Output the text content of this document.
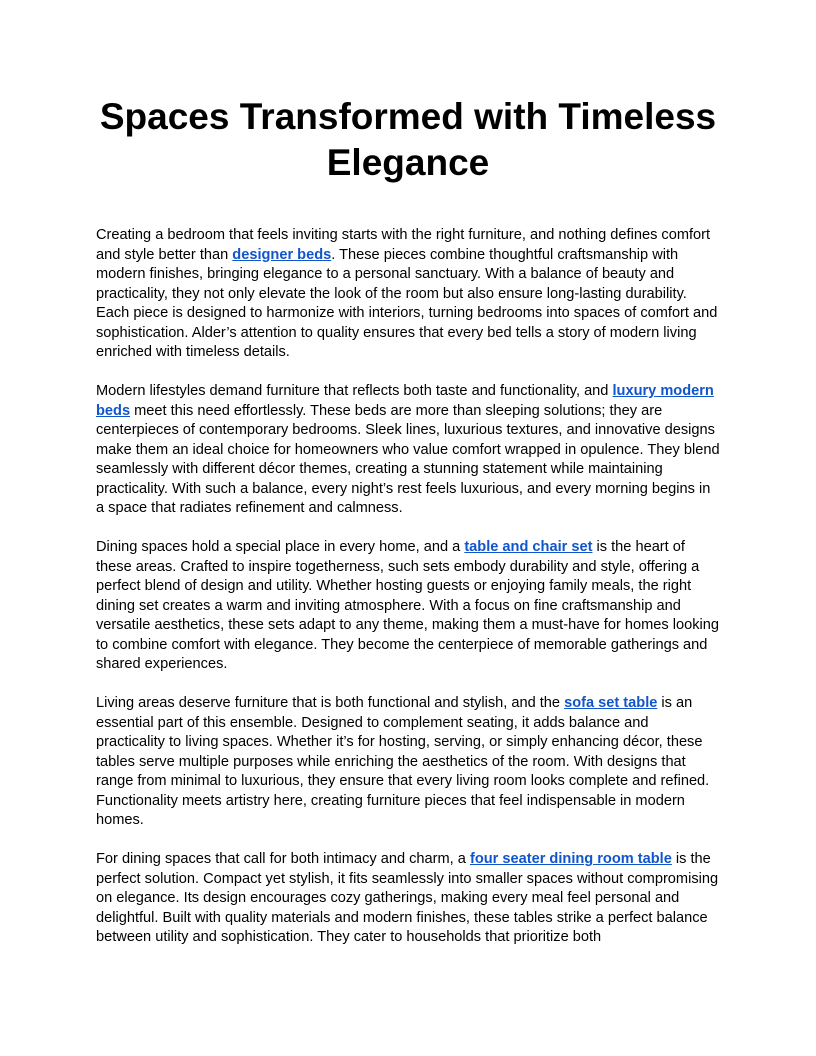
Spaces Transformed with Timeless Elegance

Creating a bedroom that feels inviting starts with the right furniture, and nothing defines comfort and style better than designer beds. These pieces combine thoughtful craftsmanship with modern finishes, bringing elegance to a personal sanctuary. With a balance of beauty and practicality, they not only elevate the look of the room but also ensure long-lasting durability. Each piece is designed to harmonize with interiors, turning bedrooms into spaces of comfort and sophistication. Alder’s attention to quality ensures that every bed tells a story of modern living enriched with timeless details.

Modern lifestyles demand furniture that reflects both taste and functionality, and luxury modern beds meet this need effortlessly. These beds are more than sleeping solutions; they are centerpieces of contemporary bedrooms. Sleek lines, luxurious textures, and innovative designs make them an ideal choice for homeowners who value comfort wrapped in opulence. They blend seamlessly with different décor themes, creating a stunning statement while maintaining practicality. With such a balance, every night’s rest feels luxurious, and every morning begins in a space that radiates refinement and calmness.

Dining spaces hold a special place in every home, and a table and chair set is the heart of these areas. Crafted to inspire togetherness, such sets embody durability and style, offering a perfect blend of design and utility. Whether hosting guests or enjoying family meals, the right dining set creates a warm and inviting atmosphere. With a focus on fine craftsmanship and versatile aesthetics, these sets adapt to any theme, making them a must-have for homes looking to combine comfort with elegance. They become the centerpiece of memorable gatherings and shared experiences.

Living areas deserve furniture that is both functional and stylish, and the sofa set table is an essential part of this ensemble. Designed to complement seating, it adds balance and practicality to living spaces. Whether it’s for hosting, serving, or simply enhancing décor, these tables serve multiple purposes while enriching the aesthetics of the room. With designs that range from minimal to luxurious, they ensure that every living room looks complete and refined. Functionality meets artistry here, creating furniture pieces that feel indispensable in modern homes.

For dining spaces that call for both intimacy and charm, a four seater dining room table is the perfect solution. Compact yet stylish, it fits seamlessly into smaller spaces without compromising on elegance. Its design encourages cozy gatherings, making every meal feel personal and delightful. Built with quality materials and modern finishes, these tables strike a perfect balance between utility and sophistication. They cater to households that prioritize both
